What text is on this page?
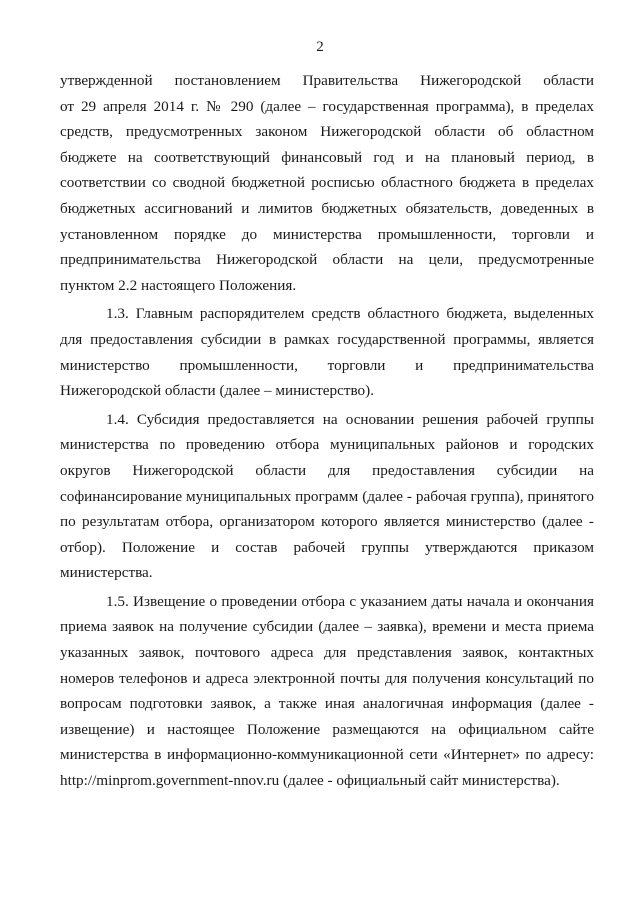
2
утвержденной постановлением Правительства Нижегородской области
от 29 апреля 2014 г. № 290 (далее – государственная программа), в пределах
средств, предусмотренных законом Нижегородской области об областном
бюджете на соответствующий финансовый год и на плановый период, в
соответствии со сводной бюджетной росписью областного бюджета в пределах
бюджетных ассигнований и лимитов бюджетных обязательств, доведенных в
установленном порядке до министерства промышленности, торговли и
предпринимательства Нижегородской области на цели, предусмотренные
пунктом 2.2 настоящего Положения.
1.3. Главным распорядителем средств областного бюджета, выделенных
для предоставления субсидии в рамках государственной программы, является
министерство промышленности, торговли и предпринимательства
Нижегородской области (далее – министерство).
1.4. Субсидия предоставляется на основании решения рабочей группы
министерства по проведению отбора муниципальных районов и городских
округов Нижегородской области для предоставления субсидии на
софинансирование муниципальных программ (далее - рабочая группа), принятого
по результатам отбора, организатором которого является министерство (далее -
отбор). Положение и состав рабочей группы утверждаются приказом
министерства.
1.5. Извещение о проведении отбора с указанием даты начала и окончания
приема заявок на получение субсидии (далее – заявка), времени и места приема
указанных заявок, почтового адреса для представления заявок, контактных
номеров телефонов и адреса электронной почты для получения консультаций по
вопросам подготовки заявок, а также иная аналогичная информация (далее -
извещение) и настоящее Положение размещаются на официальном сайте
министерства в информационно-коммуникационной сети «Интернет» по адресу:
http://minprom.government-nnov.ru (далее - официальный сайт министерства).
